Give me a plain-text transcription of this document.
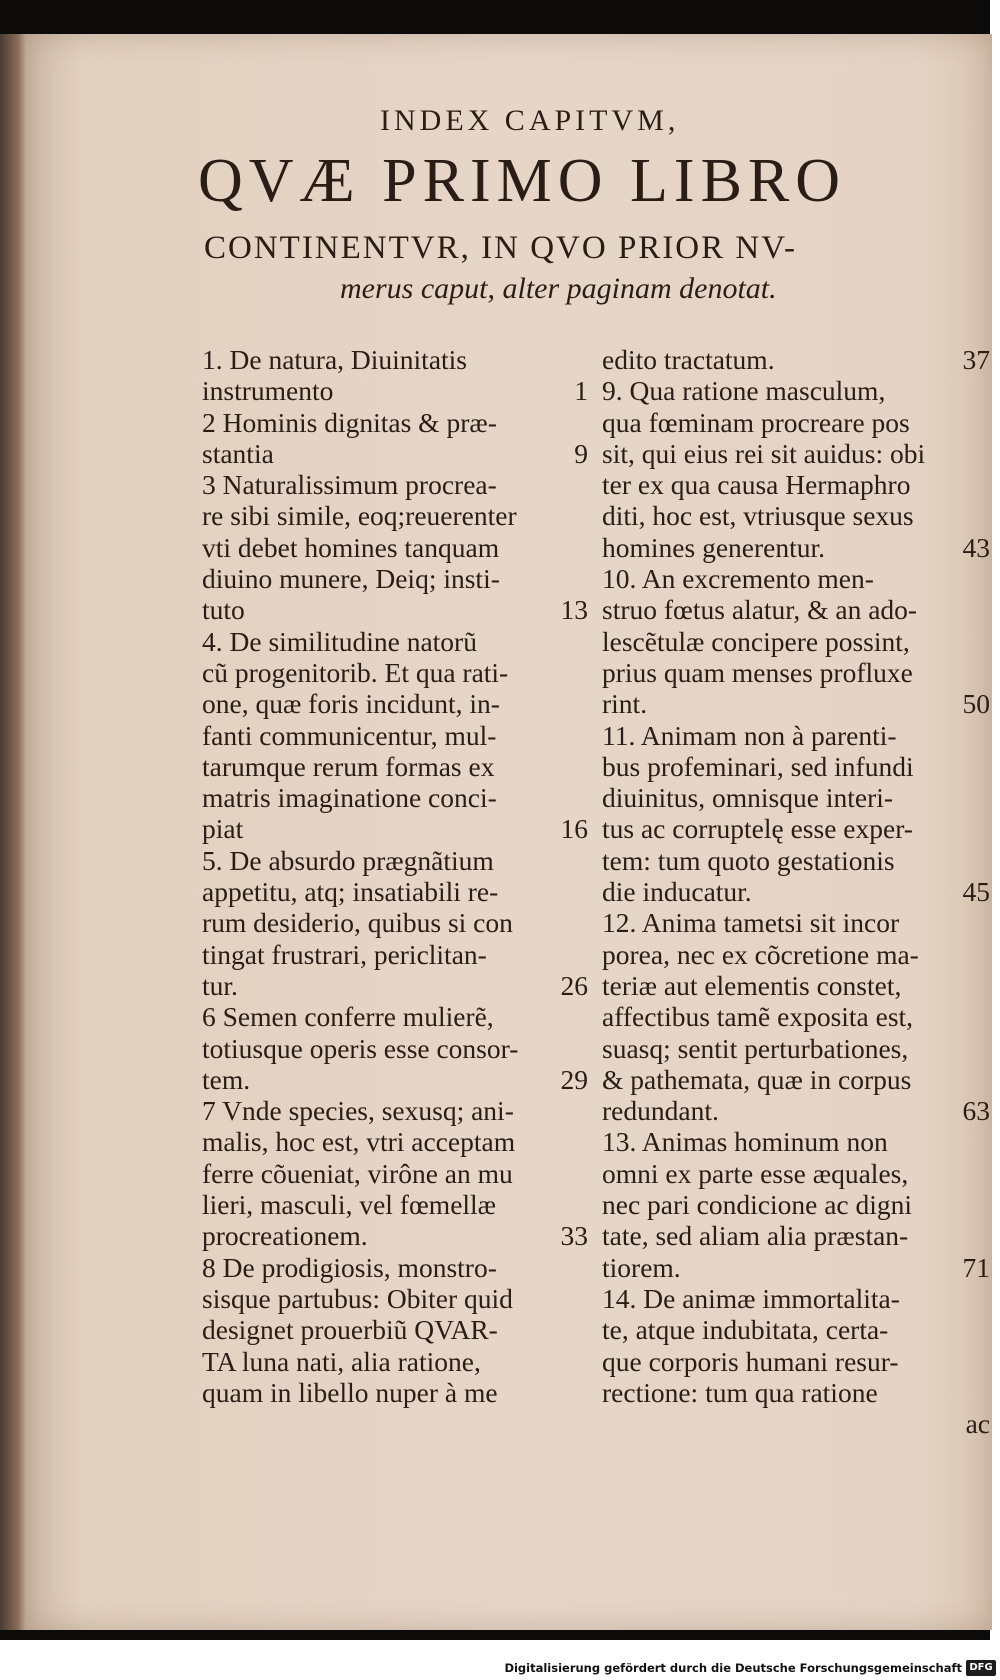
INDEX CAPITVM,
QVÆ PRIMO LIBRO
CONTINENTVR, IN QVO PRIOR NV-
merus caput, alter paginam denotat.
1. De natura, Diuinitatis
instrumento	1
2 Hominis dignitas & præ-
stantia	9
3 Naturalissimum procrea-
re sibi simile, eoq;reuerenter
vti debet homines tanquam
diuino munere, Deiq; insti-
tuto	13
4. De similitudine natorũ
cũ progenitorib. Et qua rati-
one, quæ foris incidunt, in-
fanti communicentur, mul-
tarumque rerum formas ex
matris imaginatione conci-
piat	16
5. De absurdo prægnãtium
appetitu, atq; insatiabili re-
rum desiderio, quibus si con
tingat frustrari, periclitan-
tur.	26
6 Semen conferre mulierẽ,
totiusque operis esse consor-
tem.	29
7 Vnde species, sexusq; ani-
malis, hoc est, vtri acceptam
ferre cõueniat, virône an mu
lieri, masculi, vel fœmellæ
procreationem.	33
8 De prodigiosis, monstro-
sisque partubus: Obiter quid
designet prouerbiũ QVAR-
TA luna nati, alia ratione,
quam in libello nuper à me
edito tractatum.	37
9. Qua ratione masculum,
qua fœminam procreare pos
sit, qui eius rei sit auidus: obi
ter ex qua causa Hermaphro
diti, hoc est, vtriusque sexus
homines generentur.	43
10. An excremento men-
struo fœtus alatur, & an ado-
lescẽtulæ concipere possint,
prius quam menses profluxe
rint.	50
11. Animam non à parenti-
bus profeminari, sed infundi
diuinitus, omnisque interi-
tus ac corruptelę esse exper-
tem: tum quoto gestationis
die inducatur.	45
12. Anima tametsi sit incor
porea, nec ex cõcretione ma-
teriæ aut elementis constet,
affectibus tamẽ exposita est,
suasq; sentit perturbationes,
& pathemata, quæ in corpus
redundant.	63
13. Animas hominum non
omni ex parte esse æquales,
nec pari condicione ac digni
tate, sed aliam alia præstan-
tiorem.	71
14. De animæ immortalita-
te, atque indubitata, certa-
que corporis humani resur-
rectione: tum qua ratione
ac
Digitalisierung gefördert durch die Deutsche Forschungsgemeinschaft DFG
